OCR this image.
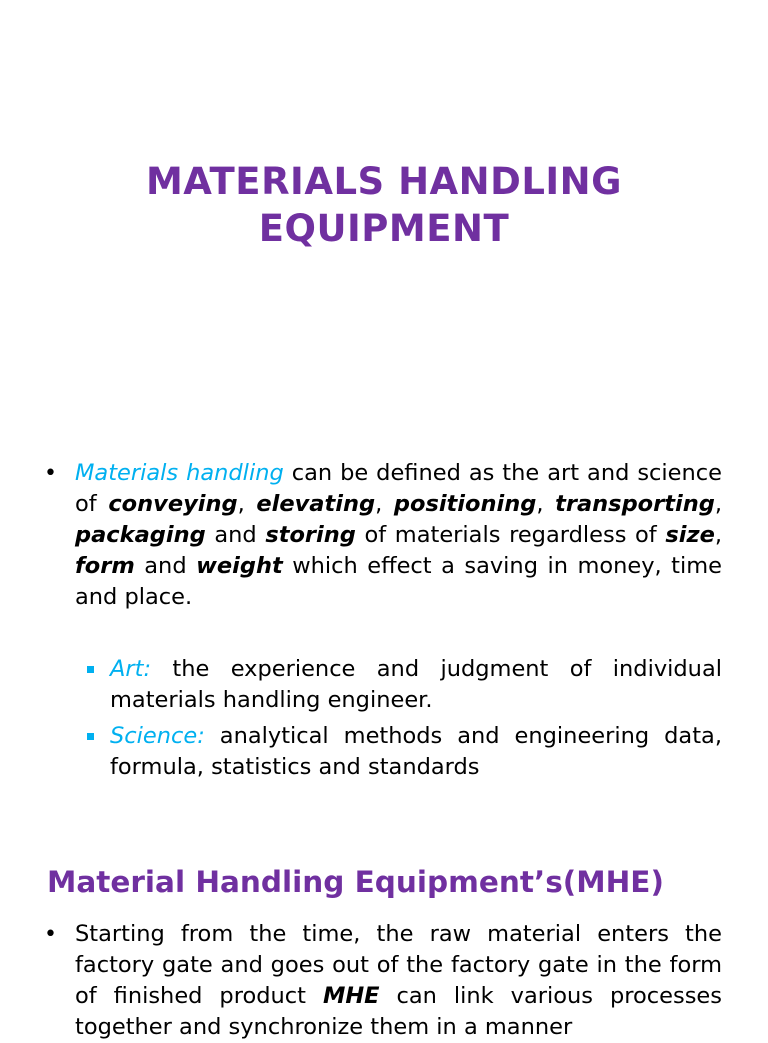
MATERIALS HANDLING
EQUIPMENT
• Materials handling can be defined as the art and science of conveying, elevating, positioning, transporting, packaging and storing of materials regardless of size, form and weight which effect a saving in money, time and place.
Art: the experience and judgment of individual materials handling engineer.
Science: analytical methods and engineering data, formula, statistics and standards
Material Handling Equipment’s(MHE)
• Starting from the time, the raw material enters the factory gate and goes out of the factory gate in the form of finished product MHE can link various processes together and synchronize them in a manner
